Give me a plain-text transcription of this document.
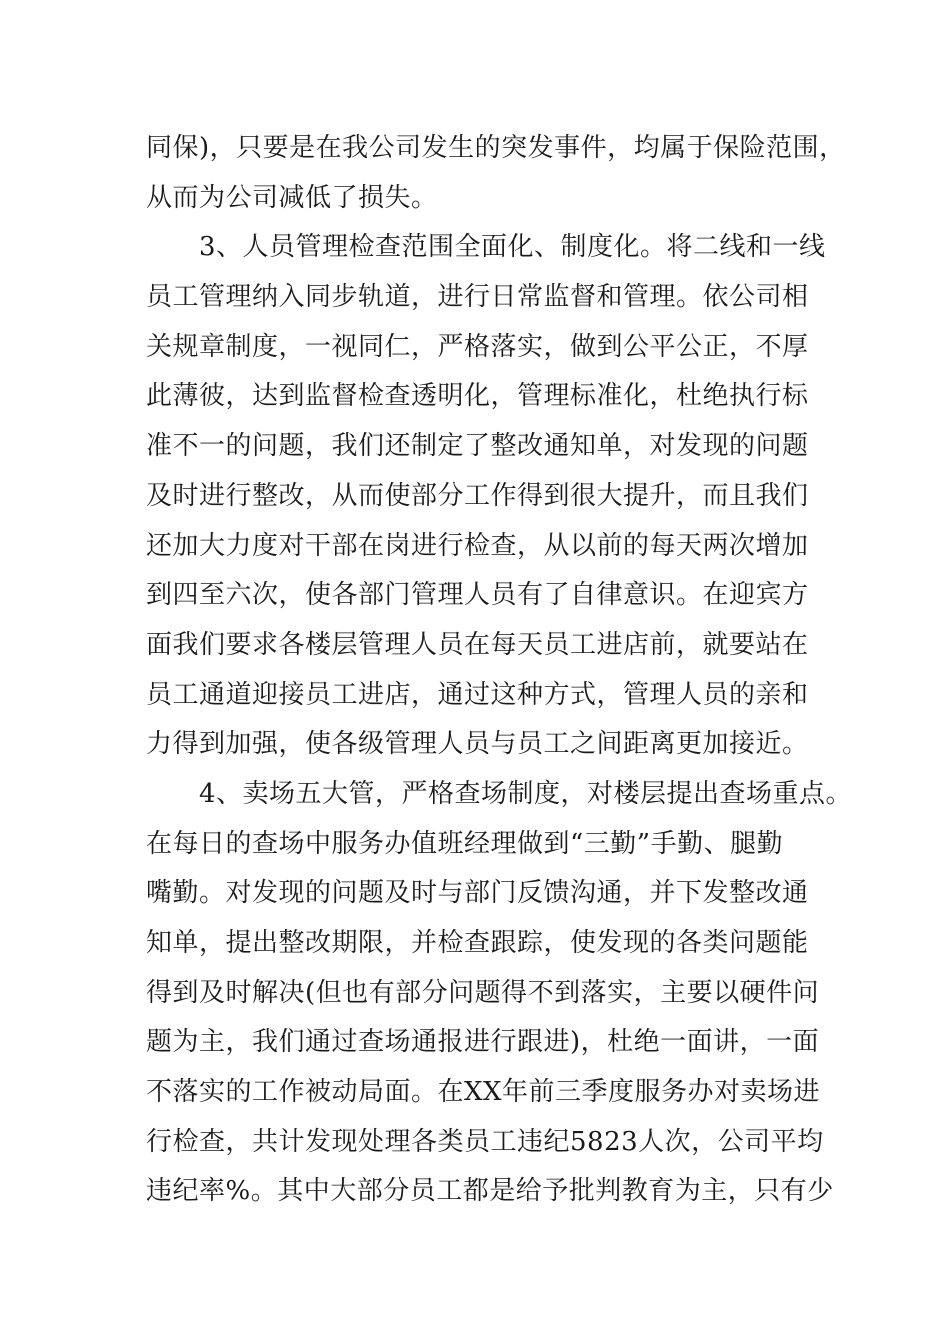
同保)，只要是在我公司发生的突发事件，均属于保险范围，
从而为公司减低了损失。
3、人员管理检查范围全面化、制度化。将二线和一线
员工管理纳入同步轨道，进行日常监督和管理。依公司相
关规章制度，一视同仁，严格落实，做到公平公正，不厚
此薄彼，达到监督检查透明化，管理标准化，杜绝执行标
准不一的问题，我们还制定了整改通知单，对发现的问题
及时进行整改，从而使部分工作得到很大提升，而且我们
还加大力度对干部在岗进行检查，从以前的每天两次增加
到四至六次，使各部门管理人员有了自律意识。在迎宾方
面我们要求各楼层管理人员在每天员工进店前，就要站在
员工通道迎接员工进店，通过这种方式，管理人员的亲和
力得到加强，使各级管理人员与员工之间距离更加接近。
4、卖场五大管，严格查场制度，对楼层提出查场重点。
在每日的查场中服务办值班经理做到“三勤”手勤、腿勤
嘴勤。对发现的问题及时与部门反馈沟通，并下发整改通
知单，提出整改期限，并检查跟踪，使发现的各类问题能
得到及时解决(但也有部分问题得不到落实，主要以硬件问
题为主，我们通过查场通报进行跟进)，杜绝一面讲，一面
不落实的工作被动局面。在XX年前三季度服务办对卖场进
行检查，共计发现处理各类员工违纪5823人次，公司平均
违纪率%。其中大部分员工都是给予批判教育为主，只有少
